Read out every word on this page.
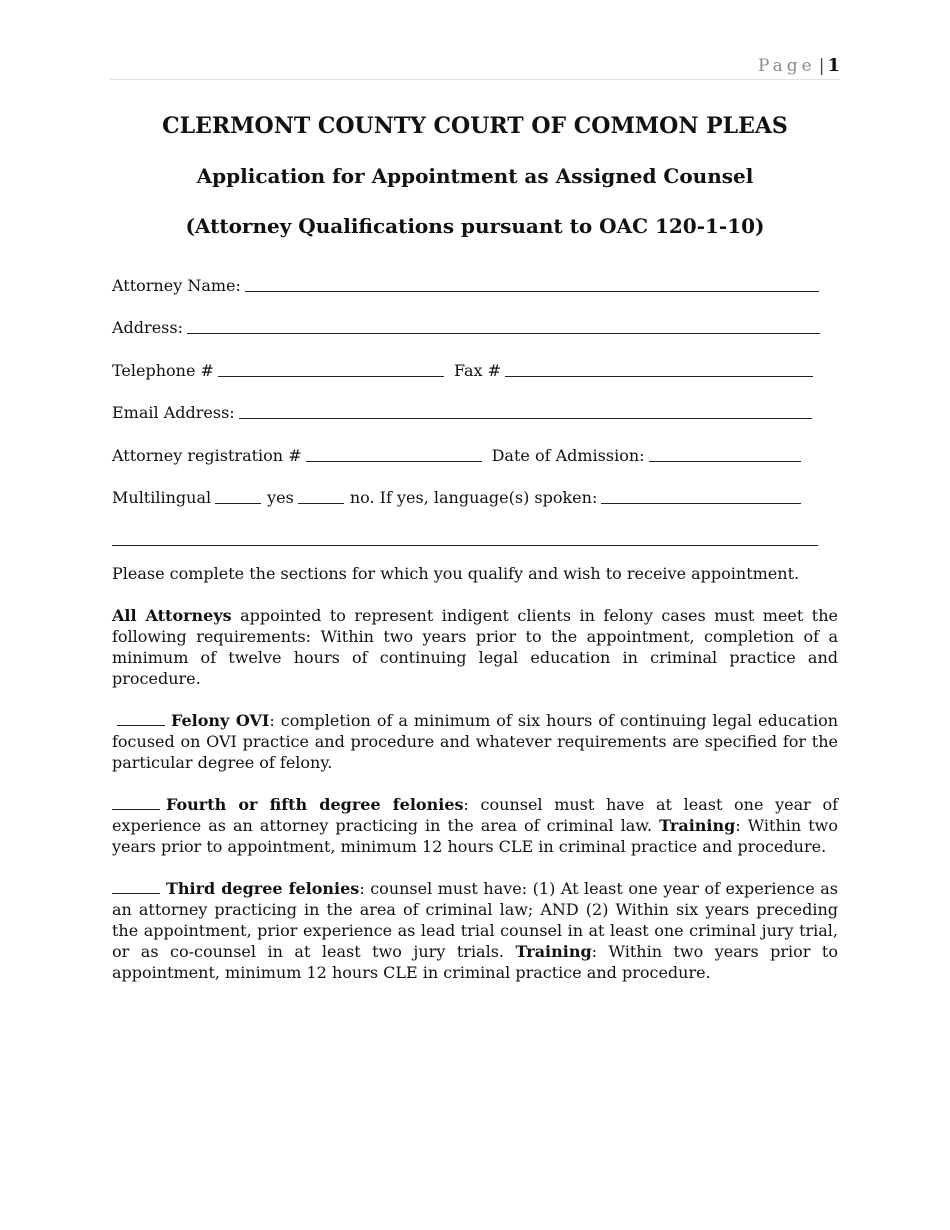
Page | 1
CLERMONT COUNTY COURT OF COMMON PLEAS
Application for Appointment as Assigned Counsel
(Attorney Qualifications pursuant to OAC 120-1-10)
Attorney Name:
Address:
Telephone #	Fax #
Email Address:
Attorney registration #	Date of Admission:
Multilingual	yes	no. If yes, language(s) spoken:

Please complete the sections for which you qualify and wish to receive appointment.

All Attorneys appointed to represent indigent clients in felony cases must meet the following requirements: Within two years prior to the appointment, completion of a minimum of twelve hours of continuing legal education in criminal practice and procedure.

Felony OVI: completion of a minimum of six hours of continuing legal education focused on OVI practice and procedure and whatever requirements are specified for the particular degree of felony.

Fourth or fifth degree felonies: counsel must have at least one year of experience as an attorney practicing in the area of criminal law. Training: Within two years prior to appointment, minimum 12 hours CLE in criminal practice and procedure.

Third degree felonies: counsel must have: (1) At least one year of experience as an attorney practicing in the area of criminal law; AND (2) Within six years preceding the appointment, prior experience as lead trial counsel in at least one criminal jury trial, or as co-counsel in at least two jury trials. Training: Within two years prior to appointment, minimum 12 hours CLE in criminal practice and procedure.
